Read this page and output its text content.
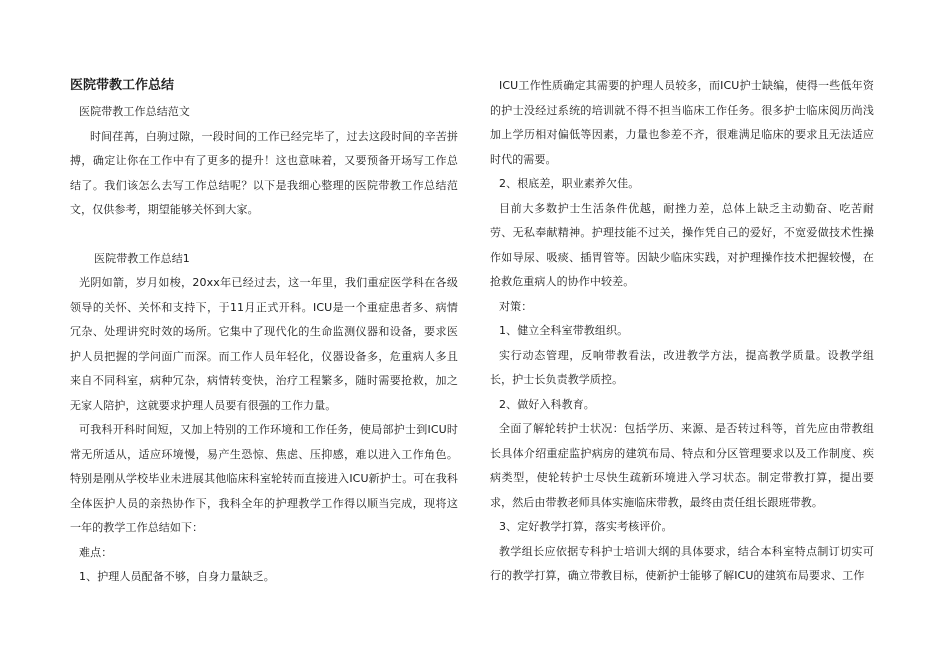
医院带教工作总结

医院带教工作总结范文

时间荏苒，白驹过隙，一段时间的工作已经完毕了，过去这段时间的辛苦拼搏，确定让你在工作中有了更多的提升！这也意味着，又要预备开场写工作总结了。我们该怎么去写工作总结呢？以下是我细心整理的医院带教工作总结范文，仅供参考，期望能够关怀到大家。

医院带教工作总结1

光阴如箭，岁月如梭，20xx年已经过去，这一年里，我们重症医学科在各级领导的关怀、关怀和支持下，于11月正式开科。ICU是一个重症患者多、病情冗杂、处理讲究时效的场所。它集中了现代化的生命监测仪器和设备，要求医护人员把握的学问面广而深。而工作人员年轻化，仪器设备多，危重病人多且来自不同科室，病种冗杂，病情转变快，治疗工程繁多，随时需要抢救，加之无家人陪护，这就要求护理人员要有很强的工作力量。

可我科开科时间短，又加上特别的工作环境和工作任务，使局部护士到ICU时常无所适从，适应环境慢，易产生恐惊、焦虑、压抑感，难以进入工作角色。特别是刚从学校毕业未进展其他临床科室轮转而直接进入ICU新护士。可在我科全体医护人员的亲热协作下，我科全年的护理教学工作得以顺当完成，现将这一年的教学工作总结如下：

难点：

1、护理人员配备不够，自身力量缺乏。

ICU工作性质确定其需要的护理人员较多，而ICU护士缺编，使得一些低年资的护士没经过系统的培训就不得不担当临床工作任务。很多护士临床阅历尚浅加上学历相对偏低等因素，力量也参差不齐，很难满足临床的要求且无法适应时代的需要。

2、根底差，职业素养欠佳。

目前大多数护士生活条件优越，耐挫力差，总体上缺乏主动勤奋、吃苦耐劳、无私奉献精神。护理技能不过关，操作凭自己的爱好，不宽爱做技术性操作如导尿、吸痰、插胃管等。因缺少临床实践，对护理操作技术把握较慢，在抢救危重病人的协作中较差。

对策：

1、健立全科室带教组织。

实行动态管理，反响带教看法，改进教学方法，提高教学质量。设教学组长，护士长负责教学质控。

2、做好入科教育。

全面了解轮转护士状况：包括学历、来源、是否转过科等，首先应由带教组长具体介绍重症监护病房的建筑布局、特点和分区管理要求以及工作制度、疾病类型，使轮转护士尽快生疏新环境进入学习状态。制定带教打算，提出要求，然后由带教老师具体实施临床带教，最终由责任组长跟班带教。

3、定好教学打算，落实考核评价。

教学组长应依据专科护士培训大纲的具体要求，结合本科室特点制订切实可行的教学打算，确立带教目标，使新护士能够了解ICU的建筑布局要求、工作
